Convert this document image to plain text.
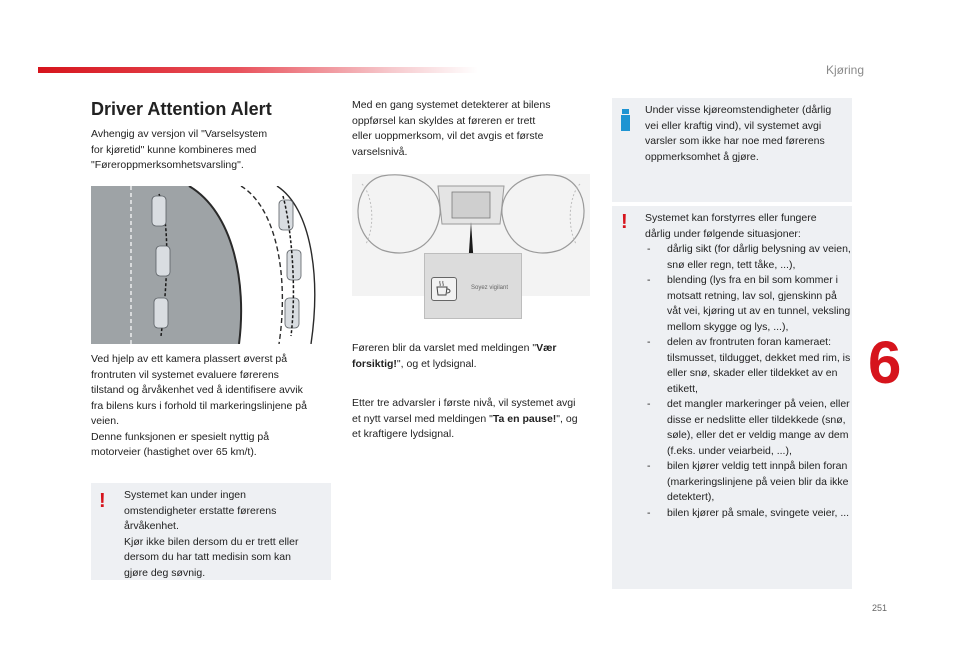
Kjøring
6
251
Driver Attention Alert

Avhengig av versjon vil "Varselsystem
for kjøretid" kunne kombineres med
"Føreroppmerksomhetsvarsling".

Ved hjelp av ett kamera plassert øverst på
frontruten vil systemet evaluere førerens
tilstand og årvåkenhet ved å identifisere avvik
fra bilens kurs i forhold til markeringslinjene på
veien.
Denne funksjonen er spesielt nyttig på
motorveier (hastighet over 65 km/t).

! Systemet kan under ingen
omstendigheter erstatte førerens
årvåkenhet.
Kjør ikke bilen dersom du er trett eller
dersom du har tatt medisin som kan
gjøre deg søvnig.

Med en gang systemet detekterer at bilens
oppførsel kan skyldes at føreren er trett
eller uoppmerksom, vil det avgis et første
varselsnivå.

Soyez vigilant

Føreren blir da varslet med meldingen "Vær forsiktig!", og et lydsignal.

Etter tre advarsler i første nivå, vil systemet avgi et nytt varsel med meldingen "Ta en pause!", og et kraftigere lydsignal.

Under visse kjøreomstendigheter (dårlig
vei eller kraftig vind), vil systemet avgi
varsler som ikke har noe med førerens
oppmerksomhet å gjøre.

! Systemet kan forstyrres eller fungere
dårlig under følgende situasjoner:

- dårlig sikt (for dårlig belysning av veien, snø eller regn, tett tåke, ...),
- blending (lys fra en bil som kommer i motsatt retning, lav sol, gjenskinn på våt vei, kjøring ut av en tunnel, veksling mellom skygge og lys, ...),
- delen av frontruten foran kameraet: tilsmusset, tildugget, dekket med rim, is eller snø, skader eller tildekket av en etikett,
- det mangler markeringer på veien, eller disse er nedslitte eller tildekkede (snø, søle), eller det er veldig mange av dem (f.eks. under veiarbeid, ...),
- bilen kjører veldig tett innpå bilen foran (markeringslinjene på veien blir da ikke detektert),
- bilen kjører på smale, svingete veier, ...
